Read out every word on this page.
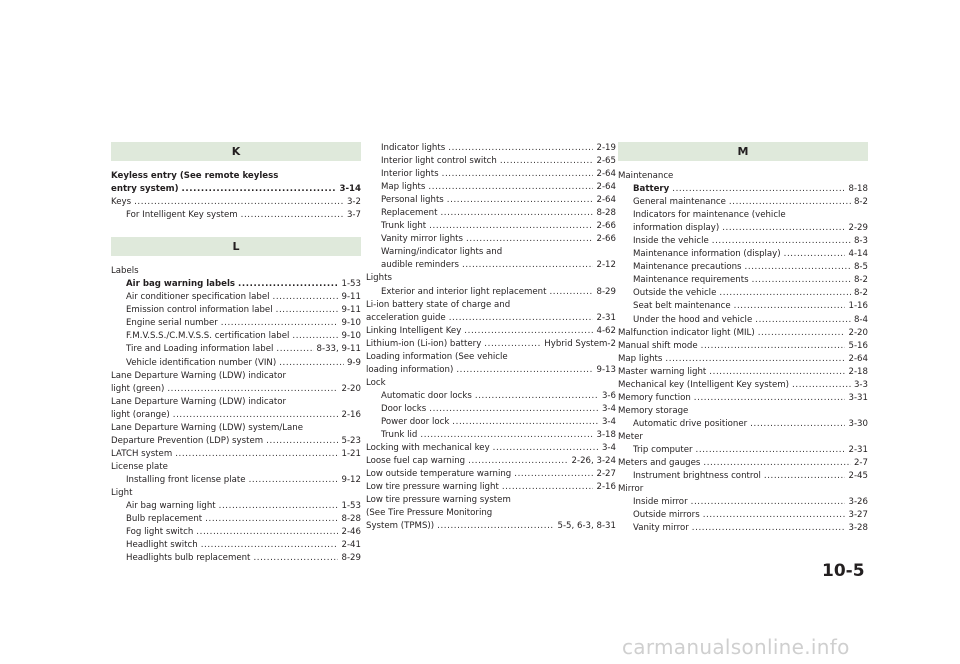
K
Keyless entry (See remote keyless
entry system) .....	3-14
Keys .....	3-2
For Intelligent Key system .....	3-7
L
Labels
Air bag warning labels .....	1-53
Air conditioner specification label .....	9-11
Emission control information label .....	9-11
Engine serial number .....	9-10
F.M.V.S.S./C.M.V.S.S. certification label .....	9-10
Tire and Loading information label .....	8-33, 9-11
Vehicle identification number (VIN) .....	9-9
Lane Departure Warning (LDW) indicator
light (green) .....	2-20
Lane Departure Warning (LDW) indicator
light (orange) .....	2-16
Lane Departure Warning (LDW) system/Lane
Departure Prevention (LDP) system .....	5-23
LATCH system .....	1-21
License plate
Installing front license plate .....	9-12
Light
Air bag warning light .....	1-53
Bulb replacement .....	8-28
Fog light switch .....	2-46
Headlight switch .....	2-41
Headlights bulb replacement .....	8-29
Indicator lights .....	2-19
Interior light control switch .....	2-65
Interior lights .....	2-64
Map lights .....	2-64
Personal lights .....	2-64
Replacement .....	8-28
Trunk light .....	2-66
Vanity mirror lights .....	2-66
Warning/indicator lights and
audible reminders .....	2-12
Lights
Exterior and interior light replacement .....	8-29
Li-ion battery state of charge and
acceleration guide .....	2-31
Linking Intelligent Key .....	4-62
Lithium-ion (Li-ion) battery .....	Hybrid System-2
Loading information (See vehicle
loading information) .....	9-13
Lock
Automatic door locks .....	3-6
Door locks .....	3-4
Power door lock .....	3-4
Trunk lid .....	3-18
Locking with mechanical key .....	3-4
Loose fuel cap warning .....	2-26, 3-24
Low outside temperature warning .....	2-27
Low tire pressure warning light .....	2-16
Low tire pressure warning system
(See Tire Pressure Monitoring
System (TPMS)) .....	5-5, 6-3, 8-31
M
Maintenance
Battery .....	8-18
General maintenance .....	8-2
Indicators for maintenance (vehicle
information display) .....	2-29
Inside the vehicle .....	8-3
Maintenance information (display) .....	4-14
Maintenance precautions .....	8-5
Maintenance requirements .....	8-2
Outside the vehicle .....	8-2
Seat belt maintenance .....	1-16
Under the hood and vehicle .....	8-4
Malfunction indicator light (MIL) .....	2-20
Manual shift mode .....	5-16
Map lights .....	2-64
Master warning light .....	2-18
Mechanical key (Intelligent Key system) .....	3-3
Memory function .....	3-31
Memory storage
Automatic drive positioner .....	3-30
Meter
Trip computer .....	2-31
Meters and gauges .....	2-7
Instrument brightness control .....	2-45
Mirror
Inside mirror .....	3-26
Outside mirrors .....	3-27
Vanity mirror .....	3-28
10-5
carmanualsonline.info
